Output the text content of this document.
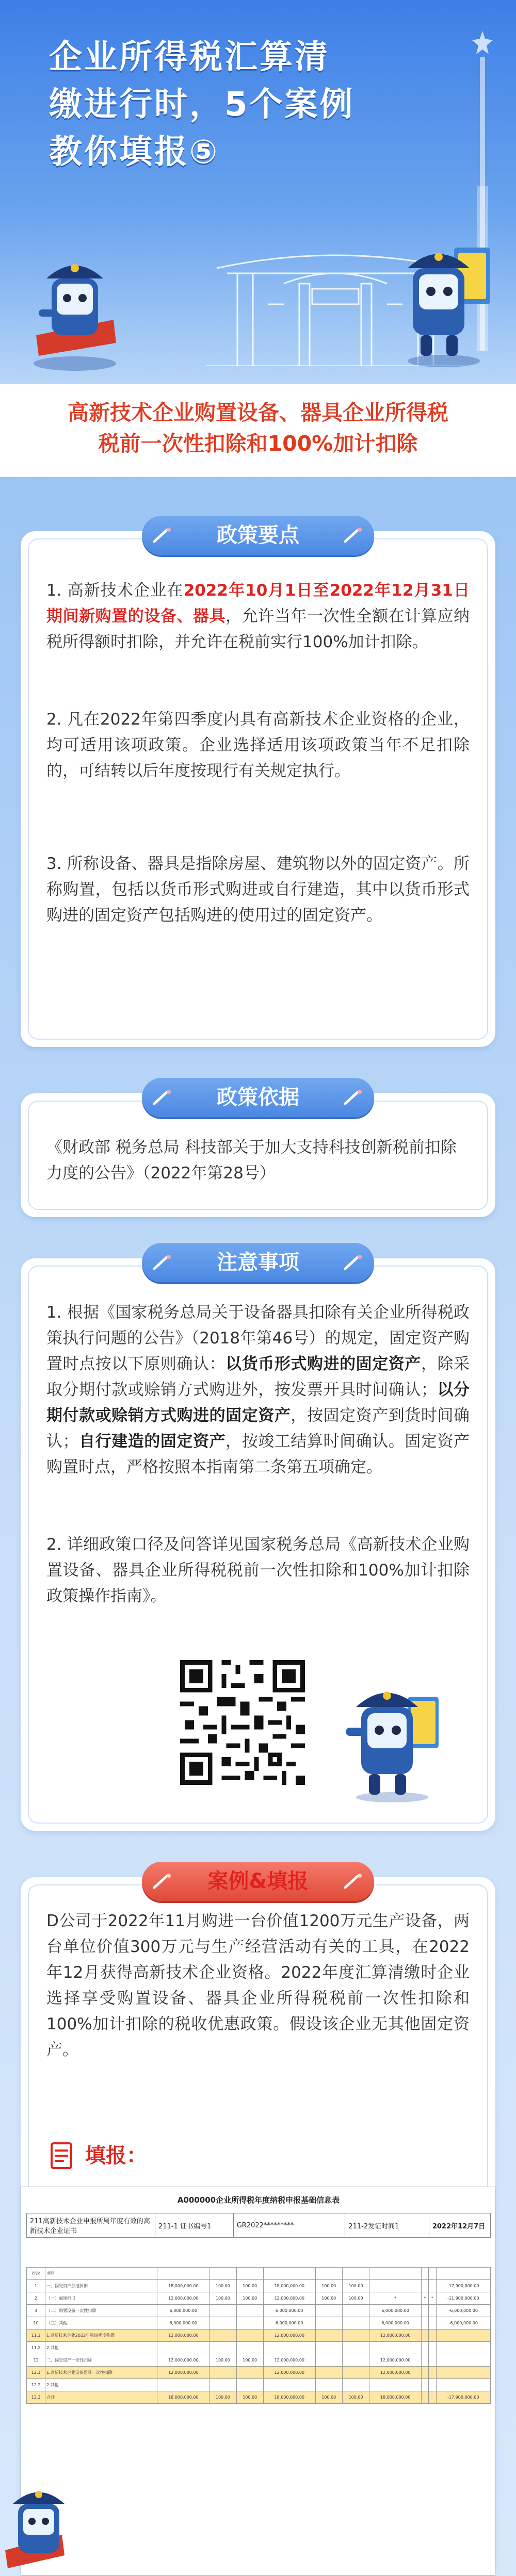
企业所得税汇算清
缴进行时，5个案例
教你填报⑤
高新技术企业购置设备、器具企业所得税
税前一次性扣除和100%加计扣除
政策要点
1. 高新技术企业在2022年10月1日至2022年12月31日期间新购置的设备、器具，允许当年一次性全额在计算应纳税所得额时扣除，并允许在税前实行100%加计扣除。
2. 凡在2022年第四季度内具有高新技术企业资格的企业，均可适用该项政策。企业选择适用该项政策当年不足扣除的，可结转以后年度按现行有关规定执行。
3. 所称设备、器具是指除房屋、建筑物以外的固定资产。所称购置，包括以货币形式购进或自行建造，其中以货币形式购进的固定资产包括购进的使用过的固定资产。
政策依据
《财政部 税务总局 科技部关于加大支持科技创新税前扣除力度的公告》（2022年第28号）
注意事项
1. 根据《国家税务总局关于设备器具扣除有关企业所得税政策执行问题的公告》（2018年第46号）的规定，固定资产购置时点按以下原则确认：以货币形式购进的固定资产，除采取分期付款或赊销方式购进外，按发票开具时间确认；以分期付款或赊销方式购进的固定资产，按固定资产到货时间确认；自行建造的固定资产，按竣工结算时间确认。固定资产购置时点，严格按照本指南第二条第五项确定。
2. 详细政策口径及问答详见国家税务总局《高新技术企业购置设备、器具企业所得税税前一次性扣除和100%加计扣除政策操作指南》。
案例&填报
D公司于2022年11月购进一台价值1200万元生产设备，两台单位价值300万元与生产经营活动有关的工具，在2022年12月获得高新技术企业资格。2022年度汇算清缴时企业选择享受购置设备、器具企业所得税税前一次性扣除和100%加计扣除的税收优惠政策。假设该企业无其他固定资产。
填报：
A000000企业所得税年度纳税申报基础信息表
211高新技术企业申报所属年度有效的高新技术企业证书	211-1 证书编号1	GR2022*********	211-2发证时间1	2022年12月7日
行次	项目										
1	一、固定资产加速折旧	18,000,000.00	100.00	100.00	18,000,000.00	100.00	100.00				-17,900,000.00
2	（一）加速折旧	12,000,000.00	100.00	100.00	12,000,000.00	100.00	100.00	*	*	*	-11,900,000.00
3	（二）购置设备一次性扣除	6,000,000.00			6,000,000.00			6,000,000.00			-6,000,000.00
10	（三）其他	6,000,000.00			6,000,000.00			6,000,000.00			-6,000,000.00
11.1	1.高新技术企业2022年第四季度购置	12,000,000.00			12,000,000.00			12,000,000.00			
11.2	2.其他										
12	二、固定资产一次性扣除	12,000,000.00	100.00	100.00	12,000,000.00			12,000,000.00			
12.1	1.高新技术企业设备器具一次性扣除	12,000,000.00			12,000,000.00			12,000,000.00			
12.2	2.其他										
12.3	合计	18,000,000.00	100.00	100.00	18,000,000.00	100.00	100.00	18,000,000.00			-17,900,000.00
